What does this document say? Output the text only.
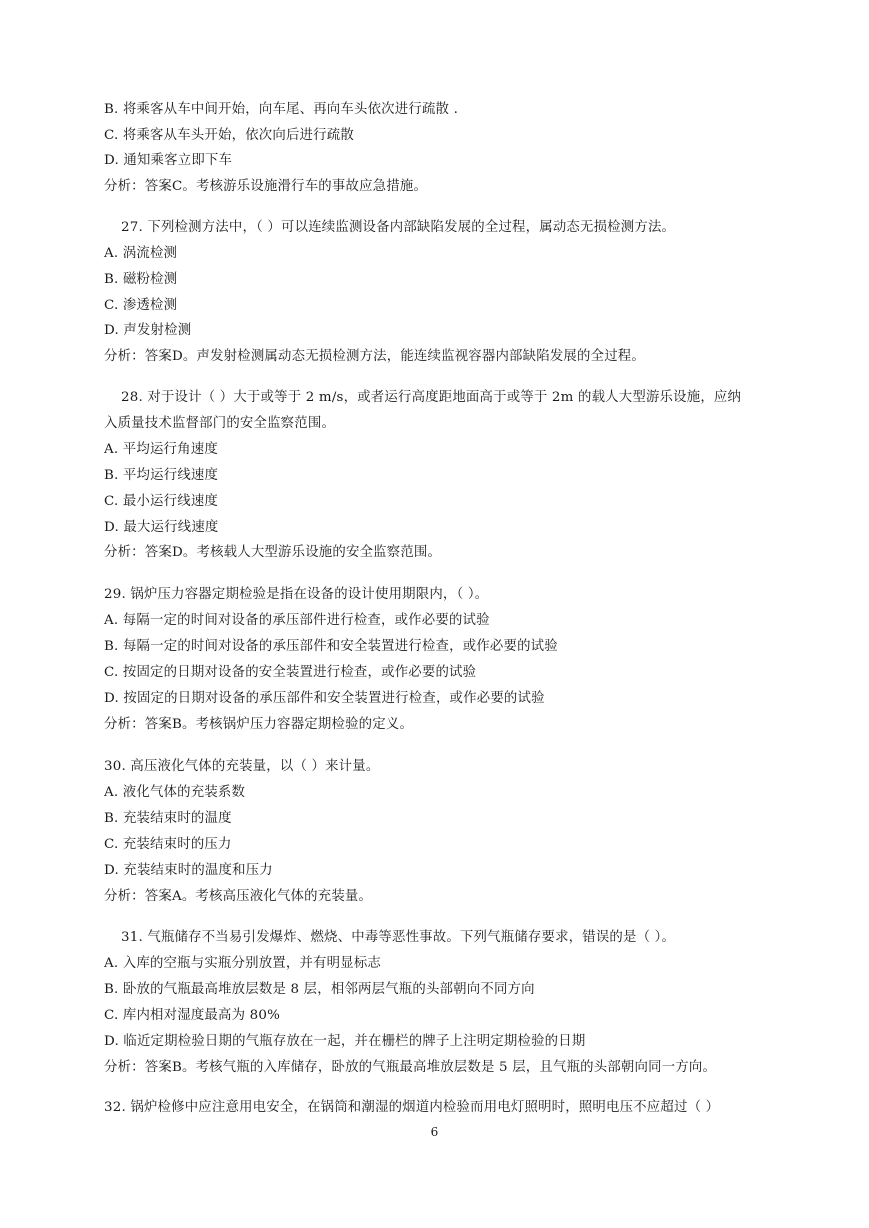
B. 将乘客从车中间开始，向车尾、再向车头依次进行疏散 .
C. 将乘客从车头开始，依次向后进行疏散
D. 通知乘客立即下车
分析：答案C。考核游乐设施滑行车的事故应急措施。
27. 下列检测方法中，（ ）可以连续监测设备内部缺陷发展的全过程，属动态无损检测方法。
A. 涡流检测
B. 磁粉检测
C. 渗透检测
D. 声发射检测
分析：答案D。声发射检测属动态无损检测方法，能连续监视容器内部缺陷发展的全过程。
28. 对于设计（ ）大于或等于 2 m/s，或者运行高度距地面高于或等于 2m 的载人大型游乐设施，应纳
入质量技术监督部门的安全监察范围。
A. 平均运行角速度
B. 平均运行线速度
C. 最小运行线速度
D. 最大运行线速度
分析：答案D。考核载人大型游乐设施的安全监察范围。
29. 锅炉压力容器定期检验是指在设备的设计使用期限内，（ ）。
A. 每隔一定的时间对设备的承压部件进行检查，或作必要的试验
B. 每隔一定的时间对设备的承压部件和安全装置进行检查，或作必要的试验
C. 按固定的日期对设备的安全装置进行检查，或作必要的试验
D. 按固定的日期对设备的承压部件和安全装置进行检查，或作必要的试验
分析：答案B。考核锅炉压力容器定期检验的定义。
30. 高压液化气体的充装量，以（ ）来计量。
A. 液化气体的充装系数
B. 充装结束时的温度
C. 充装结束时的压力
D. 充装结束时的温度和压力
分析：答案A。考核高压液化气体的充装量。
31. 气瓶储存不当易引发爆炸、燃烧、中毒等恶性事故。下列气瓶储存要求，错误的是（ ）。
A. 入库的空瓶与实瓶分别放置，并有明显标志
B. 卧放的气瓶最高堆放层数是 8 层，相邻两层气瓶的头部朝向不同方向
C. 库内相对湿度最高为 80%
D. 临近定期检验日期的气瓶存放在一起，并在栅栏的牌子上注明定期检验的日期
分析：答案B。考核气瓶的入库储存，卧放的气瓶最高堆放层数是 5 层，且气瓶的头部朝向同一方向。
32. 锅炉检修中应注意用电安全，在锅筒和潮湿的烟道内检验而用电灯照明时，照明电压不应超过（ ）
6
